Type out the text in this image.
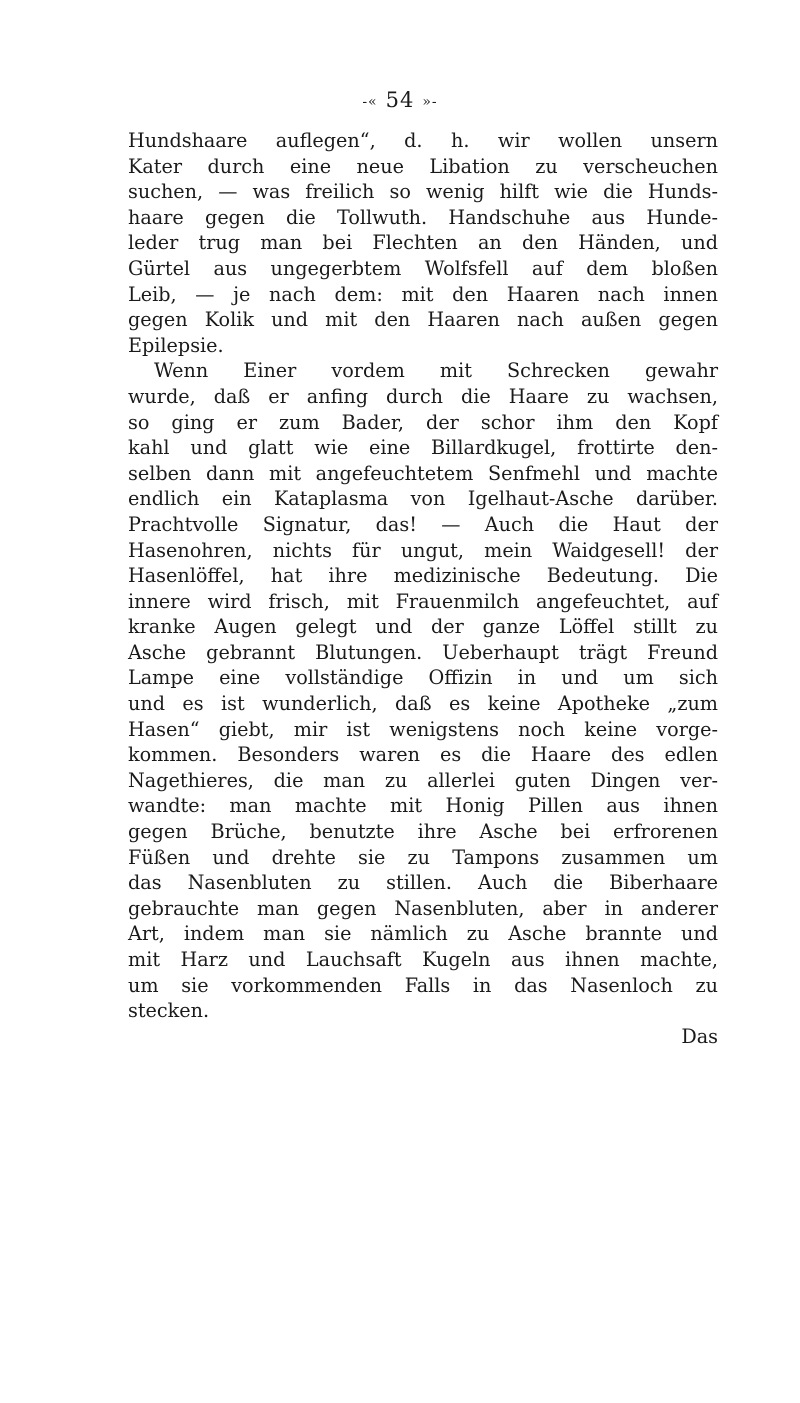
-« 54 »-
Hundshaare auflegen“, d. h. wir wollen unsern
Kater durch eine neue Libation zu verscheuchen
suchen, — was freilich so wenig hilft wie die Hunds-
haare gegen die Tollwuth. Handschuhe aus Hunde-
leder trug man bei Flechten an den Händen, und
Gürtel aus ungegerbtem Wolfsfell auf dem bloßen
Leib, — je nach dem: mit den Haaren nach innen
gegen Kolik und mit den Haaren nach außen gegen
Epilepsie.
Wenn Einer vordem mit Schrecken gewahr
wurde, daß er anfing durch die Haare zu wachsen,
so ging er zum Bader, der schor ihm den Kopf
kahl und glatt wie eine Billardkugel, frottirte den-
selben dann mit angefeuchtetem Senfmehl und machte
endlich ein Kataplasma von Igelhaut-Asche darüber.
Prachtvolle Signatur, das! — Auch die Haut der
Hasenohren, nichts für ungut, mein Waidgesell! der
Hasenlöffel, hat ihre medizinische Bedeutung. Die
innere wird frisch, mit Frauenmilch angefeuchtet, auf
kranke Augen gelegt und der ganze Löffel stillt zu
Asche gebrannt Blutungen. Ueberhaupt trägt Freund
Lampe eine vollständige Offizin in und um sich
und es ist wunderlich, daß es keine Apotheke „zum
Hasen“ giebt, mir ist wenigstens noch keine vorge-
kommen. Besonders waren es die Haare des edlen
Nagethieres, die man zu allerlei guten Dingen ver-
wandte: man machte mit Honig Pillen aus ihnen
gegen Brüche, benutzte ihre Asche bei erfrorenen
Füßen und drehte sie zu Tampons zusammen um
das Nasenbluten zu stillen. Auch die Biberhaare
gebrauchte man gegen Nasenbluten, aber in anderer
Art, indem man sie nämlich zu Asche brannte und
mit Harz und Lauchsaft Kugeln aus ihnen machte,
um sie vorkommenden Falls in das Nasenloch zu
stecken.
Das
